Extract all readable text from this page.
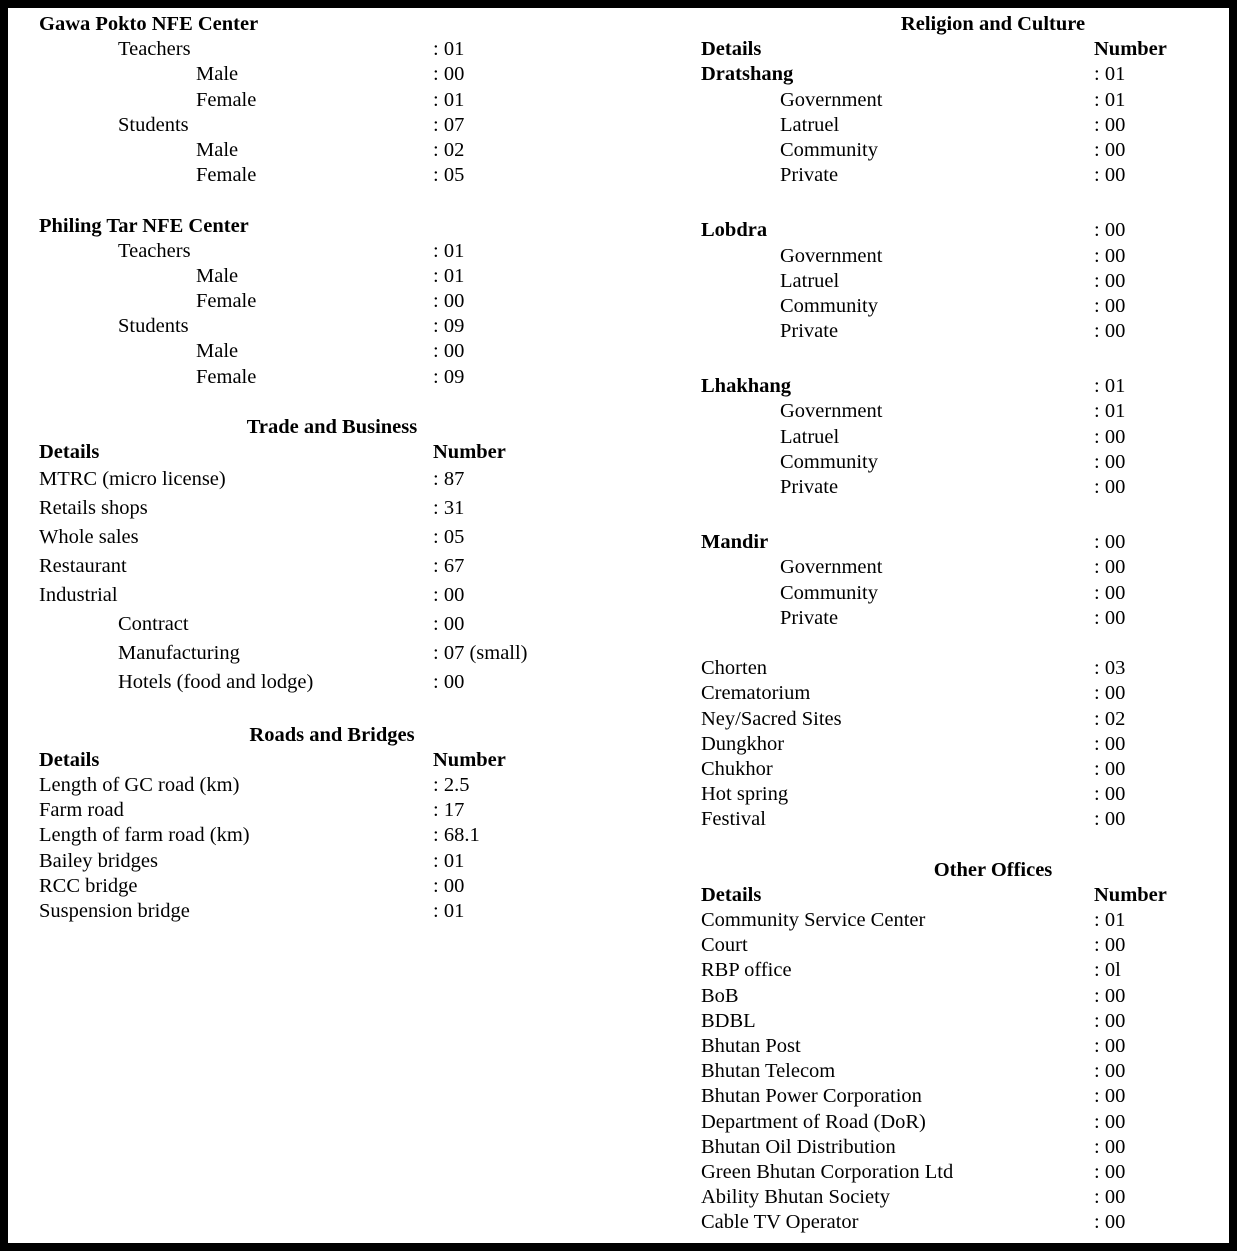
Gawa Pokto NFE Center
Teachers	: 01
Male	: 00
Female	: 01
Students	: 07
Male	: 02
Female	: 05
Philing Tar NFE Center
Teachers	: 01
Male	: 01
Female	: 00
Students	: 09
Male	: 00
Female	: 09
Trade and Business
Details	Number
MTRC (micro license)	: 87
Retails shops	: 31
Whole sales	: 05
Restaurant	: 67
Industrial	: 00
Contract	: 00
Manufacturing	: 07 (small)
Hotels (food and lodge)	: 00
Roads and Bridges
Details	Number
Length of GC road (km)	: 2.5
Farm road	: 17
Length of farm road (km)	: 68.1
Bailey bridges	: 01
RCC bridge	: 00
Suspension bridge	: 01
Religion and Culture
Details	Number
Dratshang	: 01
Government	: 01
Latruel	: 00
Community	: 00
Private	: 00
Lobdra	: 00
Government	: 00
Latruel	: 00
Community	: 00
Private	: 00
Lhakhang	: 01
Government	: 01
Latruel	: 00
Community	: 00
Private	: 00
Mandir	: 00
Government	: 00
Community	: 00
Private	: 00
Chorten	: 03
Crematorium	: 00
Ney/Sacred Sites	: 02
Dungkhor	: 00
Chukhor	: 00
Hot spring	: 00
Festival	: 00
Other Offices
Details	Number
Community Service Center	: 01
Court	: 00
RBP office	: 0l
BoB	: 00
BDBL	: 00
Bhutan Post	: 00
Bhutan Telecom	: 00
Bhutan Power Corporation	: 00
Department of Road (DoR)	: 00
Bhutan Oil Distribution	: 00
Green Bhutan Corporation Ltd	: 00
Ability Bhutan Society	: 00
Cable TV Operator	: 00
